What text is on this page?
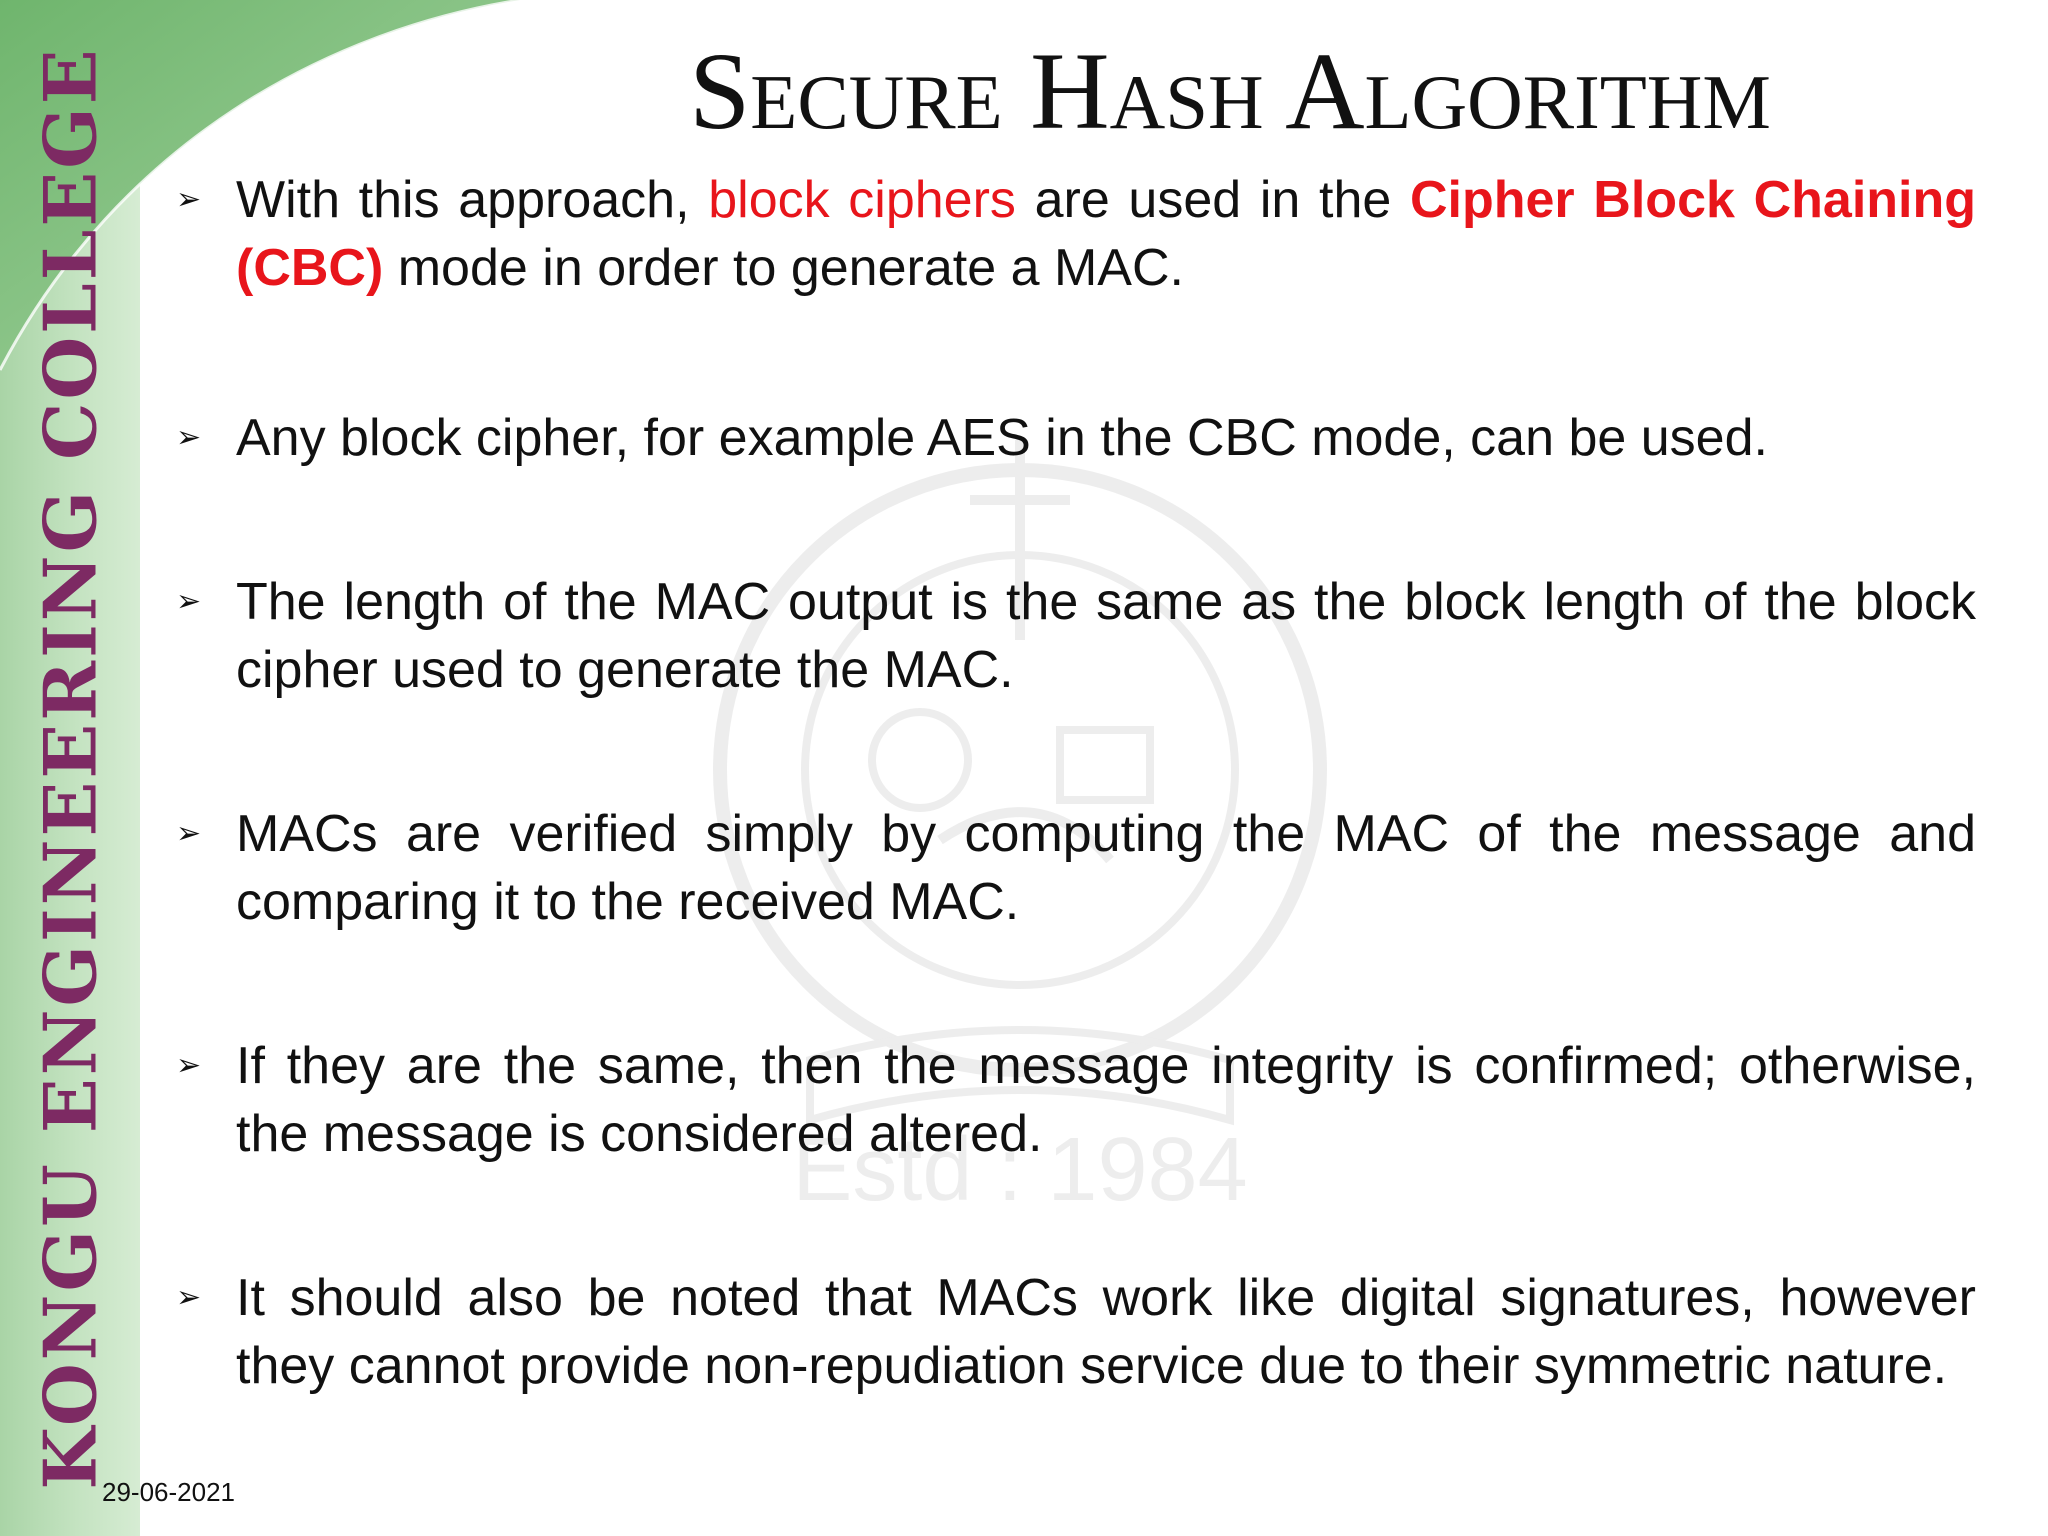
Estd : 1984
KONGU ENGINEERING COLLEGE	Secure Hash Algorithm
➢ With this approach, block ciphers are used in the Cipher Block Chaining (CBC) mode in order to generate a MAC.
➢ Any block cipher, for example AES in the CBC mode, can be used.
➢ The length of the MAC output is the same as the block length of the block cipher used to generate the MAC.
➢ MACs are verified simply by computing the MAC of the message and comparing it to the received MAC.
➢ If they are the same, then the message integrity is confirmed; otherwise, the message is considered altered.
➢ It should also be noted that MACs work like digital signatures, however they cannot provide non-repudiation service due to their symmetric nature.
29-06-2021
